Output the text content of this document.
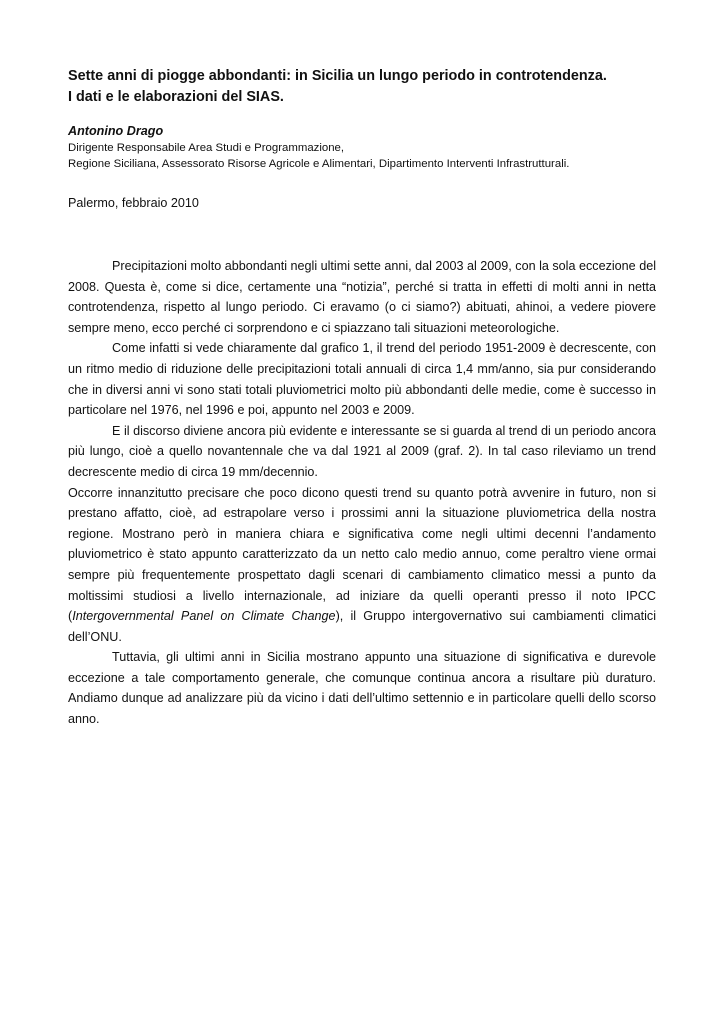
Sette anni di piogge abbondanti: in Sicilia un lungo periodo in controtendenza.
I dati e le elaborazioni del SIAS.

Antonino Drago

Dirigente Responsabile Area Studi e Programmazione,

Regione Siciliana, Assessorato Risorse Agricole e Alimentari, Dipartimento Interventi Infrastrutturali.

Palermo, febbraio 2010

Precipitazioni molto abbondanti negli ultimi sette anni, dal 2003 al 2009, con la sola eccezione del 2008. Questa è, come si dice, certamente una “notizia”, perché si tratta in effetti di molti anni in netta controtendenza, rispetto al lungo periodo. Ci eravamo (o ci siamo?) abituati, ahinoi, a vedere piovere sempre meno, ecco perché ci sorprendono e ci spiazzano tali situazioni meteorologiche.

Come infatti si vede chiaramente dal grafico 1, il trend del periodo 1951-2009 è decrescente, con un ritmo medio di riduzione delle precipitazioni totali annuali di circa 1,4 mm/anno, sia pur considerando che in diversi anni vi sono stati totali pluviometrici molto più abbondanti delle medie, come è successo in particolare nel 1976, nel 1996 e poi, appunto nel 2003 e 2009.

E il discorso diviene ancora più evidente e interessante se si guarda al trend di un periodo ancora più lungo, cioè a quello novantennale che va dal 1921 al 2009 (graf. 2). In tal caso rileviamo un trend decrescente medio di circa 19 mm/decennio.

Occorre innanzitutto precisare che poco dicono questi trend su quanto potrà avvenire in futuro, non si prestano affatto, cioè, ad estrapolare verso i prossimi anni la situazione pluviometrica della nostra regione. Mostrano però in maniera chiara e significativa come negli ultimi decenni l’andamento pluviometrico è stato appunto caratterizzato da un netto calo medio annuo, come peraltro viene ormai sempre più frequentemente prospettato dagli scenari di cambiamento climatico messi a punto da moltissimi studiosi a livello internazionale, ad iniziare da quelli operanti presso il noto IPCC (Intergovernmental Panel on Climate Change), il Gruppo intergovernativo sui cambiamenti climatici dell’ONU.

Tuttavia, gli ultimi anni in Sicilia mostrano appunto una situazione di significativa e durevole eccezione a tale comportamento generale, che comunque continua ancora a risultare più duraturo. Andiamo dunque ad analizzare più da vicino i dati dell’ultimo settennio e in particolare quelli dello scorso anno.
